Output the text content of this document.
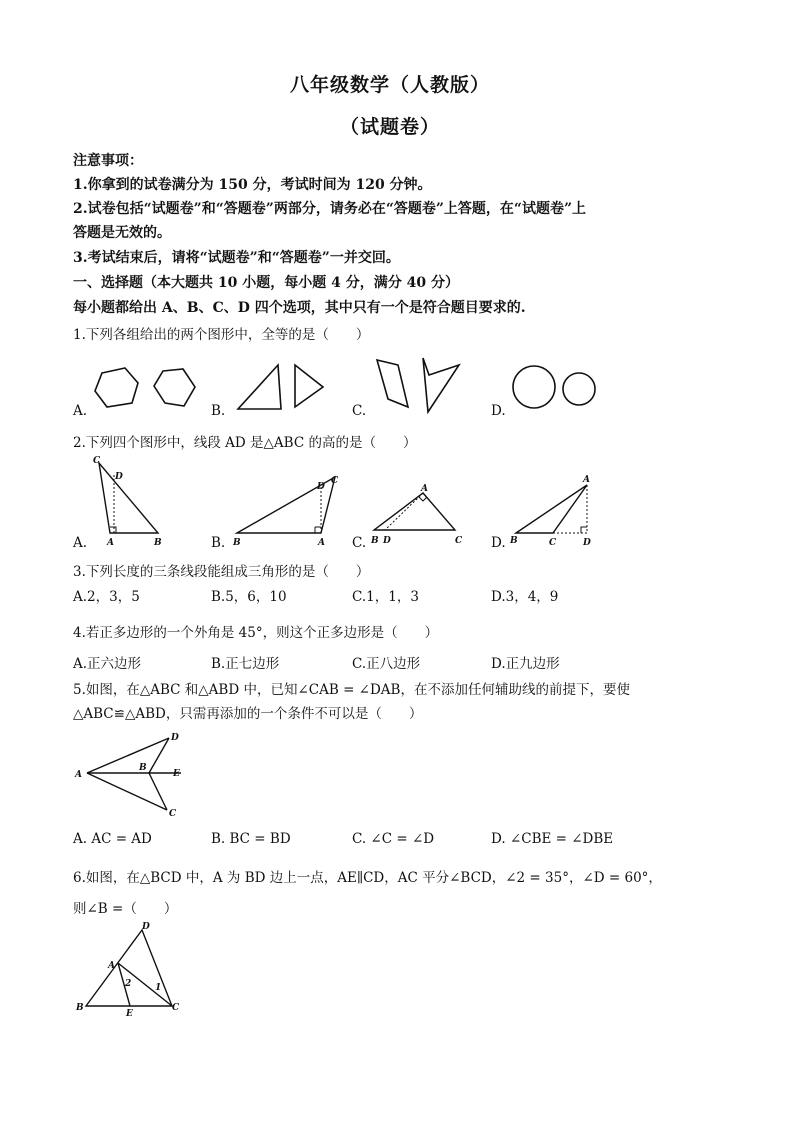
八年级数学（人教版）
（试题卷）
注意事项：
1.你拿到的试卷满分为 150 分，考试时间为 120 分钟。
2.试卷包括“试题卷”和“答题卷”两部分，请务必在“答题卷”上答题，在“试题卷”上
答题是无效的。
3.考试结束后，请将“试题卷”和“答题卷”一并交回。
一、选择题（本大题共 10 小题，每小题 4 分，满分 40 分）
每小题都给出 A、B、C、D 四个选项，其中只有一个是符合题目要求的.
1.下列各组给出的两个图形中，全等的是（　　）
A.	B.	C.	D.
2.下列四个图形中，线段 AD 是△ABC 的高的是（　　）
C
D
A	B
D
C
B	A
A
B D	C
A
B	C	D
A.	B.	C.	D.
3.下列长度的三条线段能组成三角形的是（　　）
A.2，3，5	B.5，6，10	C.1，1，3	D.3，4，9
4.若正多边形的一个外角是 45°，则这个正多边形是（　　）
A.正六边形	B.正七边形	C.正八边形	D.正九边形
5.如图，在△ABC 和△ABD 中，已知∠CAB = ∠DAB，在不添加任何辅助线的前提下，要使
△ABC≌△ABD，只需再添加的一个条件不可以是（　　）
D
A
B
E
C
A. AC = AD	B. BC = BD	C. ∠C = ∠D	D. ∠CBE = ∠DBE
6.如图，在△BCD 中，A 为 BD 边上一点，AE∥CD，AC 平分∠BCD，∠2 = 35°，∠D = 60°，
则∠B =（　　）
D
A
2	1
B
E
C
